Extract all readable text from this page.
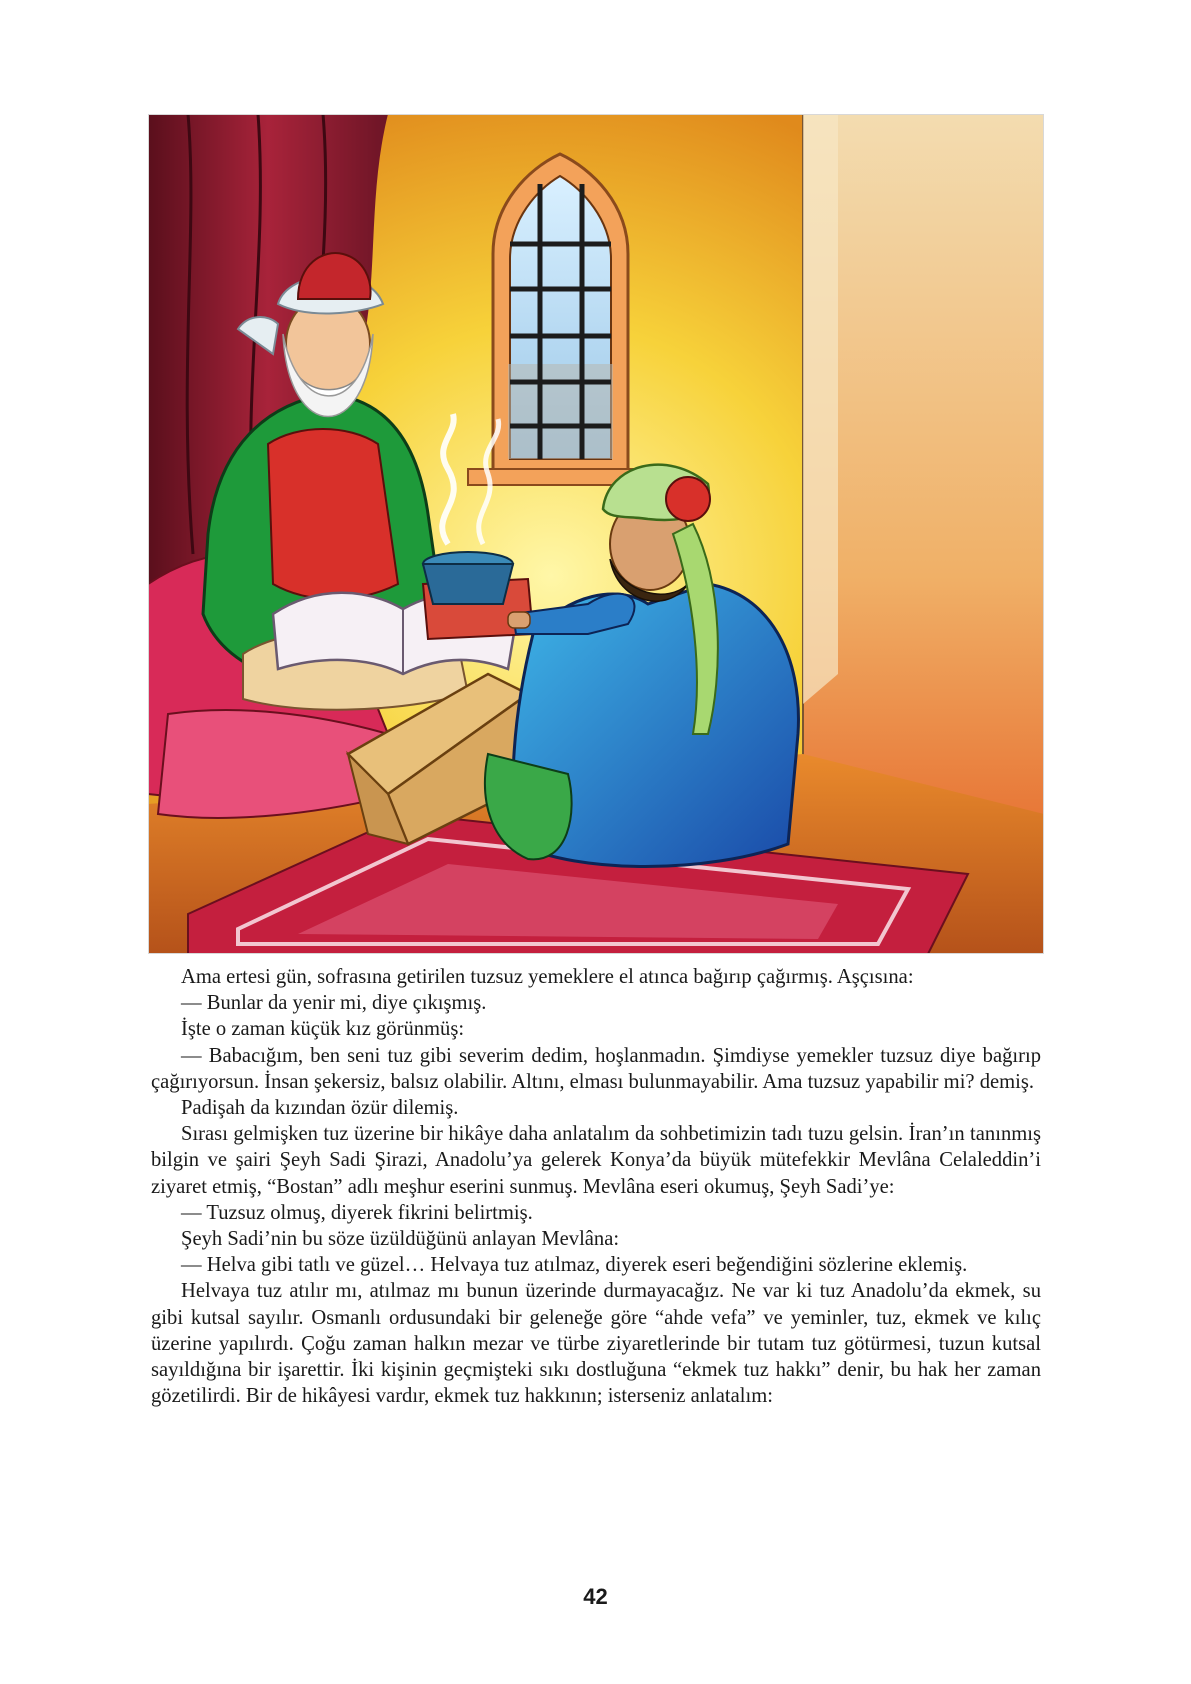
Ama ertesi gün, sofrasına getirilen tuzsuz yemeklere el atınca bağırıp çağırmış. Aşçısına:

— Bunlar da yenir mi, diye çıkışmış.

İşte o zaman küçük kız görünmüş:

— Babacığım, ben seni tuz gibi severim dedim, hoşlanmadın. Şimdiyse yemekler tuzsuz diye bağırıp çağırıyorsun. İnsan şekersiz, balsız olabilir. Altını, elması bulunmayabilir. Ama tuzsuz yapabilir mi? demiş.

Padişah da kızından özür dilemiş.

Sırası gelmişken tuz üzerine bir hikâye daha anlatalım da sohbetimizin tadı tuzu gelsin. İran’ın tanınmış bilgin ve şairi Şeyh Sadi Şirazi, Anadolu’ya gelerek Konya’da büyük mütefekkir Mevlâna Celaleddin’i ziyaret etmiş, “Bostan” adlı meşhur eserini sunmuş. Mevlâna eseri okumuş, Şeyh Sadi’ye:

— Tuzsuz olmuş, diyerek fikrini belirtmiş.

Şeyh Sadi’nin bu söze üzüldüğünü anlayan Mevlâna:

— Helva gibi tatlı ve güzel… Helvaya tuz atılmaz, diyerek eseri beğendiğini sözlerine eklemiş.

Helvaya tuz atılır mı, atılmaz mı bunun üzerinde durmayacağız. Ne var ki tuz Anadolu’da ekmek, su gibi kutsal sayılır. Osmanlı ordusundaki bir geleneğe göre “ahde vefa” ve yeminler, tuz, ekmek ve kılıç üzerine yapılırdı. Çoğu zaman halkın mezar ve türbe ziyaretlerinde bir tutam tuz götürmesi, tuzun kutsal sayıldığına bir işarettir. İki kişinin geçmişteki sıkı dostluğuna “ekmek tuz hakkı” denir, bu hak her zaman gözetilirdi. Bir de hikâyesi vardır, ekmek tuz hakkının; isterseniz anlatalım:

42
